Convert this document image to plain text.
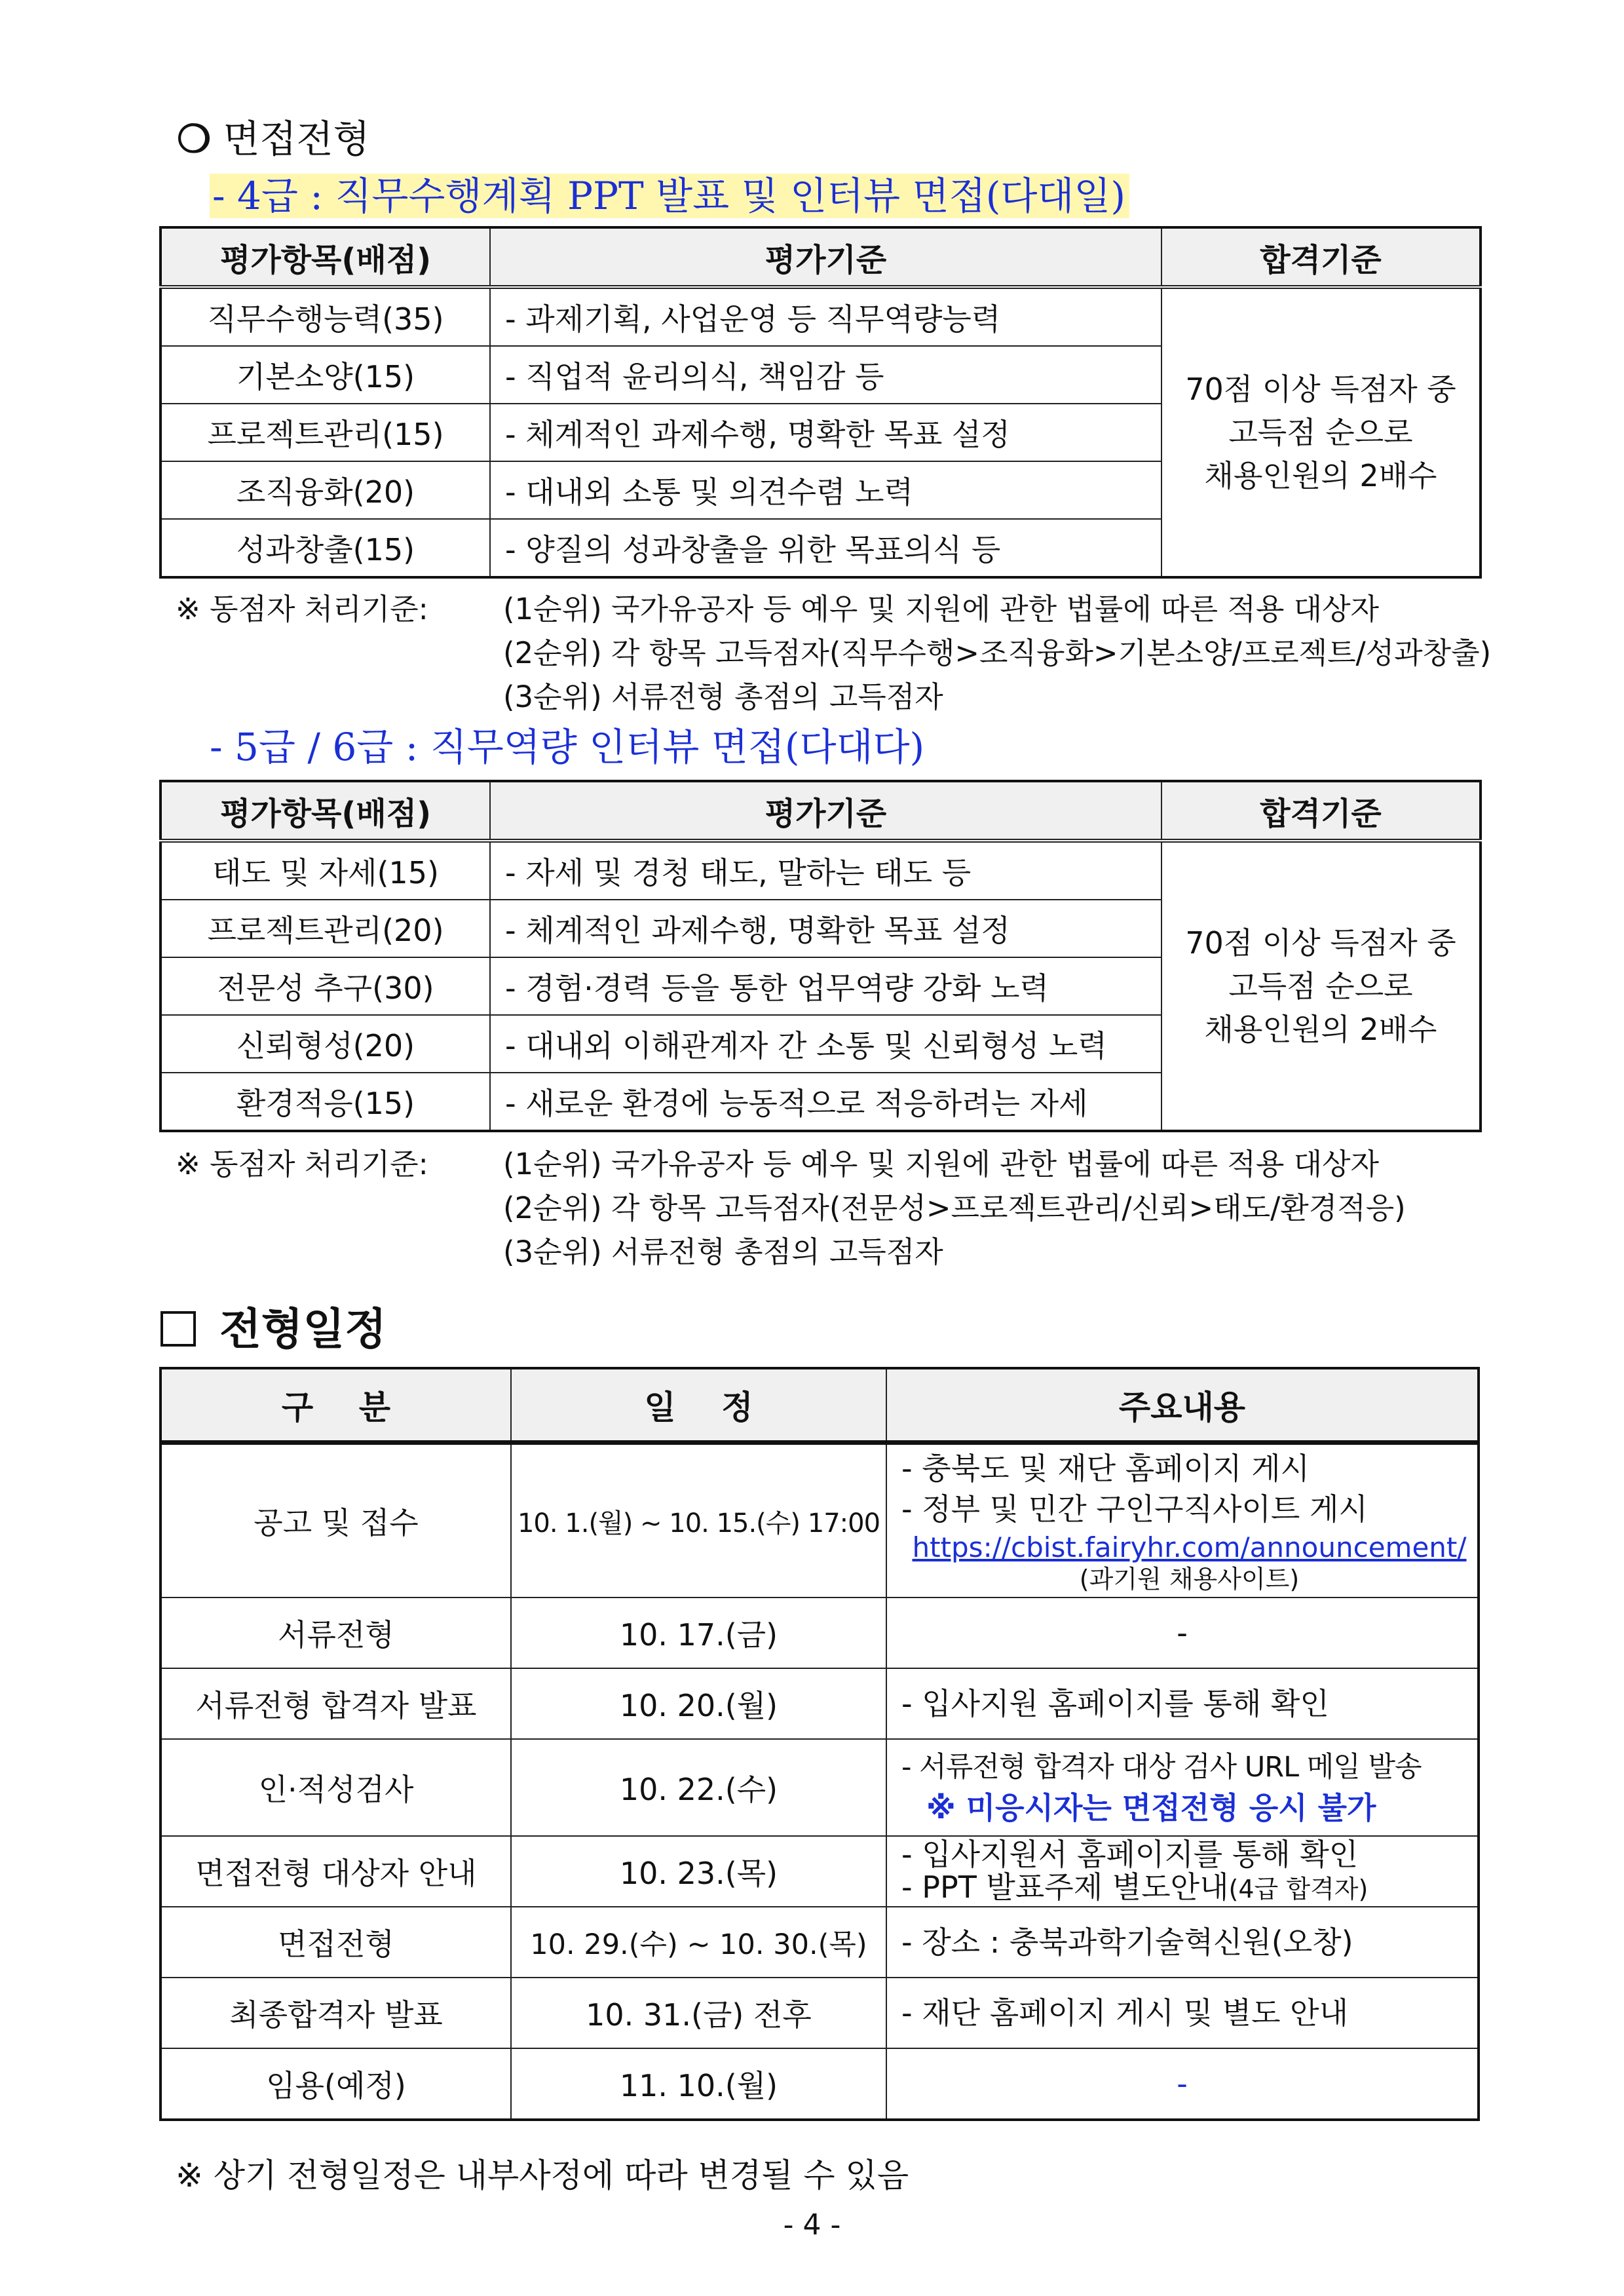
❍ 면접전형
- 4급 : 직무수행계획 PPT 발표 및 인터뷰 면접(다대일)
평가항목(배점)	평가기준	합격기준
직무수행능력(35)	- 과제기획, 사업운영 등 직무역량능력	70점 이상 득점자 중
고득점 순으로
채용인원의 2배수

기본소양(15)	- 직업적 윤리의식, 책임감 등	
프로젝트관리(15)	- 체계적인 과제수행, 명확한 목표 설정	
조직융화(20)	- 대내외 소통 및 의견수렴 노력	
성과창출(15)	- 양질의 성과창출을 위한 목표의식 등	
※ 동점자 처리기준:	(1순위) 국가유공자 등 예우 및 지원에 관한 법률에 따른 적용 대상자
(2순위) 각 항목 고득점자(직무수행>조직융화>기본소양/프로젝트/성과창출)
(3순위) 서류전형 총점의 고득점자
- 5급 / 6급 : 직무역량 인터뷰 면접(다대다)
평가항목(배점)	평가기준	합격기준
태도 및 자세(15)	- 자세 및 경청 태도, 말하는 태도 등	70점 이상 득점자 중
고득점 순으로
채용인원의 2배수

프로젝트관리(20)	- 체계적인 과제수행, 명확한 목표 설정	
전문성 추구(30)	- 경험·경력 등을 통한 업무역량 강화 노력	
신뢰형성(20)	- 대내외 이해관계자 간 소통 및 신뢰형성 노력	
환경적응(15)	- 새로운 환경에 능동적으로 적응하려는 자세	
※ 동점자 처리기준:	(1순위) 국가유공자 등 예우 및 지원에 관한 법률에 따른 적용 대상자
(2순위) 각 항목 고득점자(전문성>프로젝트관리/신뢰>태도/환경적응)
(3순위) 서류전형 총점의 고득점자
전형일정
구    분	일    정	주요내용
공고 및 접수	10. 1.(월) ~ 10. 15.(수) 17:00	- 충북도 및 재단 홈페이지 게시
- 정부 및 민간 구인구직사이트 게시
https://cbist.fairyhr.com/announcement/
(과기원 채용사이트)

서류전형	10. 17.(금)	-
서류전형 합격자 발표	10. 20.(월)	- 입사지원 홈페이지를 통해 확인
인·적성검사	10. 22.(수)	- 서류전형 합격자 대상 검사 URL 메일 발송
※ 미응시자는 면접전형 응시 불가

면접전형 대상자 안내	10. 23.(목)	- 입사지원서 홈페이지를 통해 확인
- PPT 발표주제 별도안내(4급 합격자)

면접전형	10. 29.(수) ~ 10. 30.(목)	- 장소 : 충북과학기술혁신원(오창)
최종합격자 발표	10. 31.(금) 전후	- 재단 홈페이지 게시 및 별도 안내
임용(예정)	11. 10.(월)	-
※ 상기 전형일정은 내부사정에 따라 변경될 수 있음
- 4 -
